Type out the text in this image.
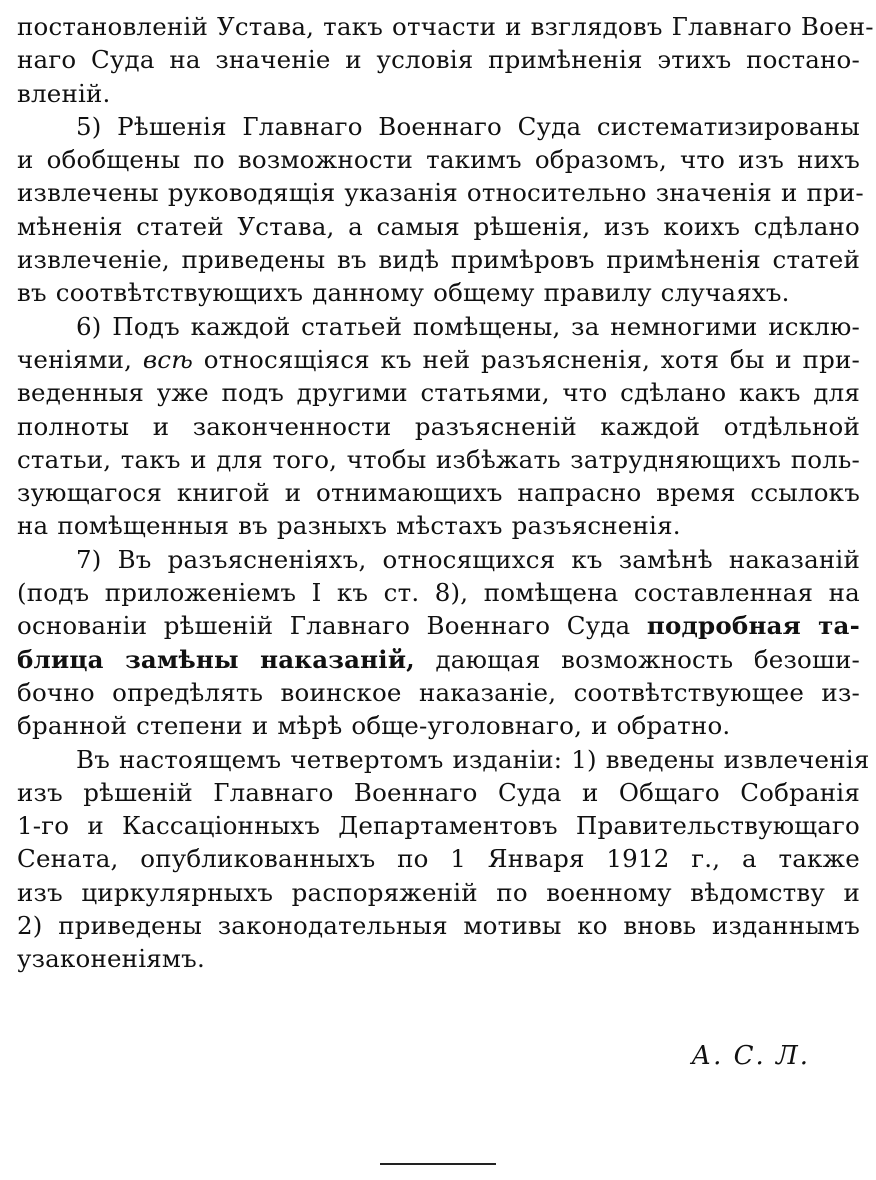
постановленій Устава, такъ отчасти и взглядовъ Главнаго Воен-
наго Суда на значеніе и условія примѣненія этихъ постано-
вленій.
5) Рѣшенія Главнаго Военнаго Суда систематизированы
и обобщены по возможности такимъ образомъ, что изъ нихъ
извлечены руководящія указанія относительно значенія и при-
мѣненія статей Устава, а самыя рѣшенія, изъ коихъ сдѣлано
извлеченіе, приведены въ видѣ примѣровъ примѣненія статей
въ соотвѣтствующихъ данному общему правилу случаяхъ.
6) Подъ каждой статьей помѣщены, за немногими исклю-
ченіями, всѣ относящіяся къ ней разъясненія, хотя бы и при-
веденныя уже подъ другими статьями, что сдѣлано какъ для
полноты и законченности разъясненій каждой отдѣльной
статьи, такъ и для того, чтобы избѣжать затрудняющихъ поль-
зующагося книгой и отнимающихъ напрасно время ссылокъ
на помѣщенныя въ разныхъ мѣстахъ разъясненія.
7) Въ разъясненіяхъ, относящихся къ замѣнѣ наказаній
(подъ приложеніемъ I къ ст. 8), помѣщена составленная на
основаніи рѣшеній Главнаго Военнаго Суда подробная та-
блица замѣны наказаній, дающая возможность безоши-
бочно опредѣлять воинское наказаніе, соотвѣтствующее из-
бранной степени и мѣрѣ обще-уголовнаго, и обратно.
Въ настоящемъ четвертомъ изданіи: 1) введены извлеченія
изъ рѣшеній Главнаго Военнаго Суда и Общаго Собранія
1-го и Кассаціонныхъ Департаментовъ Правительствующаго
Сената, опубликованныхъ по 1 Января 1912 г., а также
изъ циркулярныхъ распоряженій по военному вѣдомству и
2) приведены законодательныя мотивы ко вновь изданнымъ
узаконеніямъ.
А. С. Л.
